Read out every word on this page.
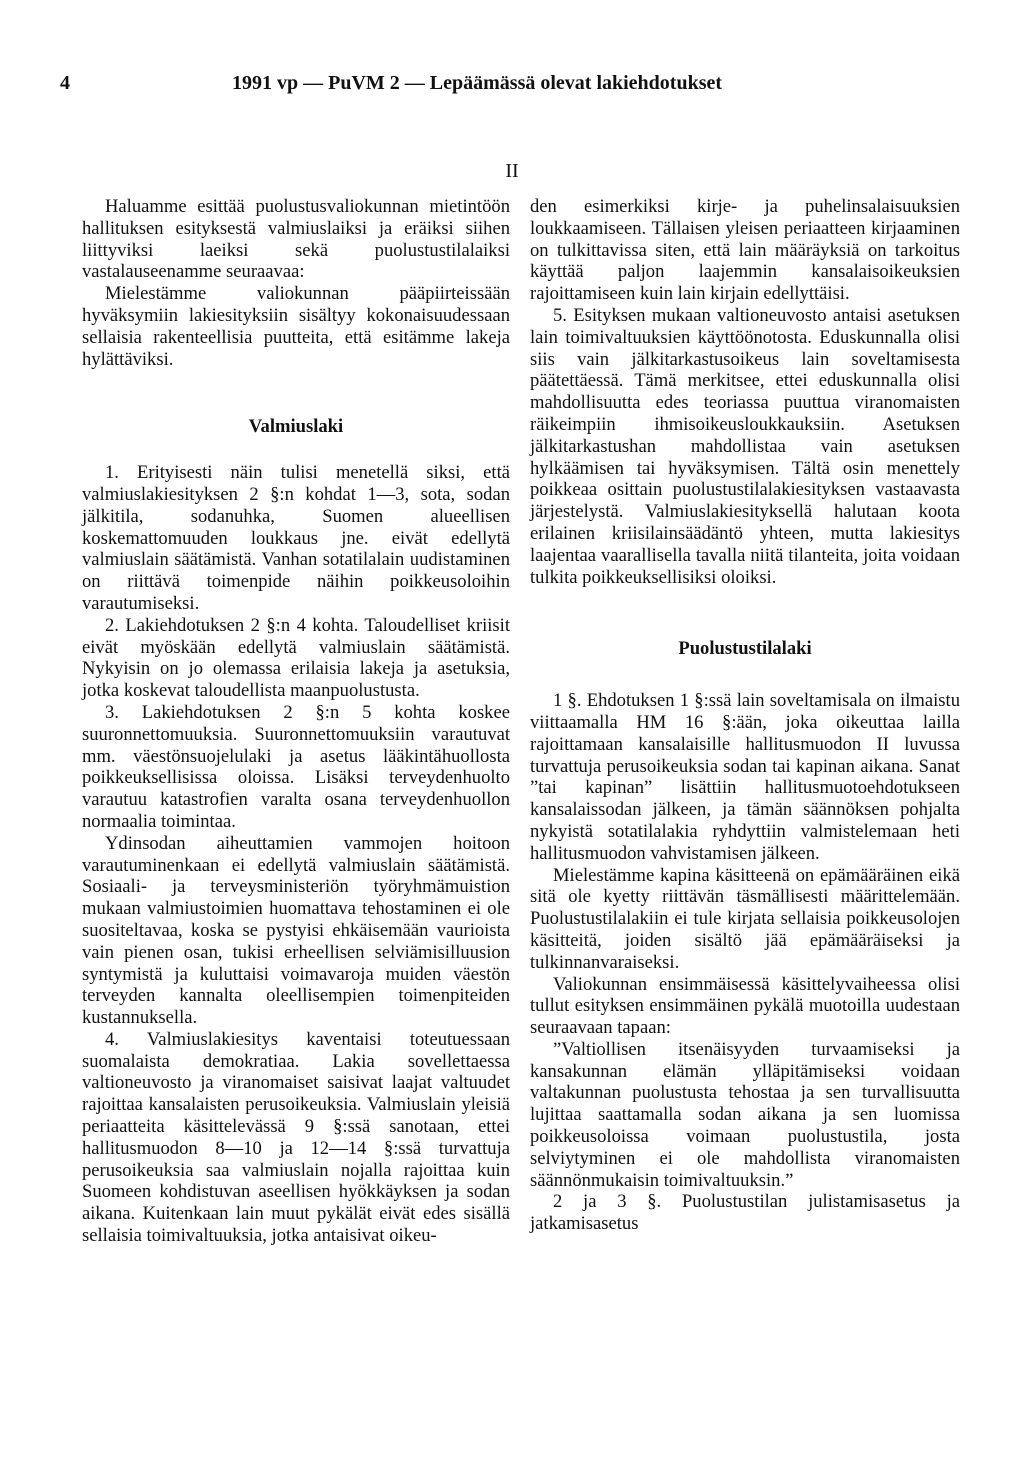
4	1991 vp — PuVM 2 — Lepäämässä olevat lakiehdotukset
II

Haluamme esittää puolustusvaliokunnan mietintöön hallituksen esityksestä valmiuslaiksi ja eräiksi siihen liittyviksi laeiksi sekä puolustustilalaiksi vastalauseenamme seuraavaa:

Mielestämme valiokunnan pääpiirteissään hyväksymiin lakiesityksiin sisältyy kokonaisuudessaan sellaisia rakenteellisia puutteita, että esitämme lakeja hylättäviksi.

Valmiuslaki

1. Erityisesti näin tulisi menetellä siksi, että valmiuslakiesityksen 2 §:n kohdat 1—3, sota, sodan jälkitila, sodanuhka, Suomen alueellisen koskemattomuuden loukkaus jne. eivät edellytä valmiuslain säätämistä. Vanhan sotatilalain uudistaminen on riittävä toimenpide näihin poikkeusoloihin varautumiseksi.

2. Lakiehdotuksen 2 §:n 4 kohta. Taloudelliset kriisit eivät myöskään edellytä valmiuslain säätämistä. Nykyisin on jo olemassa erilaisia lakeja ja asetuksia, jotka koskevat taloudellista maanpuolustusta.

3. Lakiehdotuksen 2 §:n 5 kohta koskee suuronnettomuuksia. Suuronnettomuuksiin varautuvat mm. väestönsuojelulaki ja asetus lääkintähuollosta poikkeuksellisissa oloissa. Lisäksi terveydenhuolto varautuu katastrofien varalta osana terveydenhuollon normaalia toimintaa.

Ydinsodan aiheuttamien vammojen hoitoon varautuminenkaan ei edellytä valmiuslain säätämistä. Sosiaali- ja terveysministeriön työryhmämuistion mukaan valmiustoimien huomattava tehostaminen ei ole suositeltavaa, koska se pystyisi ehkäisemään vaurioista vain pienen osan, tukisi erheellisen selviämisilluusion syntymistä ja kuluttaisi voimavaroja muiden väestön terveyden kannalta oleellisempien toimenpiteiden kustannuksella.

4. Valmiuslakiesitys kaventaisi toteutuessaan suomalaista demokratiaa. Lakia sovellettaessa valtioneuvosto ja viranomaiset saisivat laajat valtuudet rajoittaa kansalaisten perusoikeuksia. Valmiuslain yleisiä periaatteita käsittelevässä 9 §:ssä sanotaan, ettei hallitusmuodon 8—10 ja 12—14 §:ssä turvattuja perusoikeuksia saa valmiuslain nojalla rajoittaa kuin Suomeen kohdistuvan aseellisen hyökkäyksen ja sodan aikana. Kuitenkaan lain muut pykälät eivät edes sisällä sellaisia toimivaltuuksia, jotka antaisivat oikeu-

den esimerkiksi kirje- ja puhelinsalaisuuksien loukkaamiseen. Tällaisen yleisen periaatteen kirjaaminen on tulkittavissa siten, että lain määräyksiä on tarkoitus käyttää paljon laajemmin kansalaisoikeuksien rajoittamiseen kuin lain kirjain edellyttäisi.

5. Esityksen mukaan valtioneuvosto antaisi asetuksen lain toimivaltuuksien käyttöönotosta. Eduskunnalla olisi siis vain jälkitarkastusoikeus lain soveltamisesta päätettäessä. Tämä merkitsee, ettei eduskunnalla olisi mahdollisuutta edes teoriassa puuttua viranomaisten räikeimpiin ihmisoikeusloukkauksiin. Asetuksen jälkitarkastushan mahdollistaa vain asetuksen hylkäämisen tai hyväksymisen. Tältä osin menettely poikkeaa osittain puolustustilalakiesityksen vastaavasta järjestelystä. Valmiuslakiesityksellä halutaan koota erilainen kriisilainsäädäntö yhteen, mutta lakiesitys laajentaa vaarallisella tavalla niitä tilanteita, joita voidaan tulkita poikkeuksellisiksi oloiksi.

Puolustustilalaki

1 §. Ehdotuksen 1 §:ssä lain soveltamisala on ilmaistu viittaamalla HM 16 §:ään, joka oikeuttaa lailla rajoittamaan kansalaisille hallitusmuodon II luvussa turvattuja perusoikeuksia sodan tai kapinan aikana. Sanat ”tai kapinan” lisättiin hallitusmuotoehdotukseen kansalaissodan jälkeen, ja tämän säännöksen pohjalta nykyistä sotatilalakia ryhdyttiin valmistelemaan heti hallitusmuodon vahvistamisen jälkeen.

Mielestämme kapina käsitteenä on epämääräinen eikä sitä ole kyetty riittävän täsmällisesti määrittelemään. Puolustustilalakiin ei tule kirjata sellaisia poikkeusolojen käsitteitä, joiden sisältö jää epämääräiseksi ja tulkinnanvaraiseksi.

Valiokunnan ensimmäisessä käsittelyvaiheessa olisi tullut esityksen ensimmäinen pykälä muotoilla uudestaan seuraavaan tapaan:

”Valtiollisen itsenäisyyden turvaamiseksi ja kansakunnan elämän ylläpitämiseksi voidaan valtakunnan puolustusta tehostaa ja sen turvallisuutta lujittaa saattamalla sodan aikana ja sen luomissa poikkeusoloissa voimaan puolustustila, josta selviytyminen ei ole mahdollista viranomaisten säännönmukaisin toimivaltuuksin.”

2 ja 3 §. Puolustustilan julistamisasetus ja jatkamisasetus
